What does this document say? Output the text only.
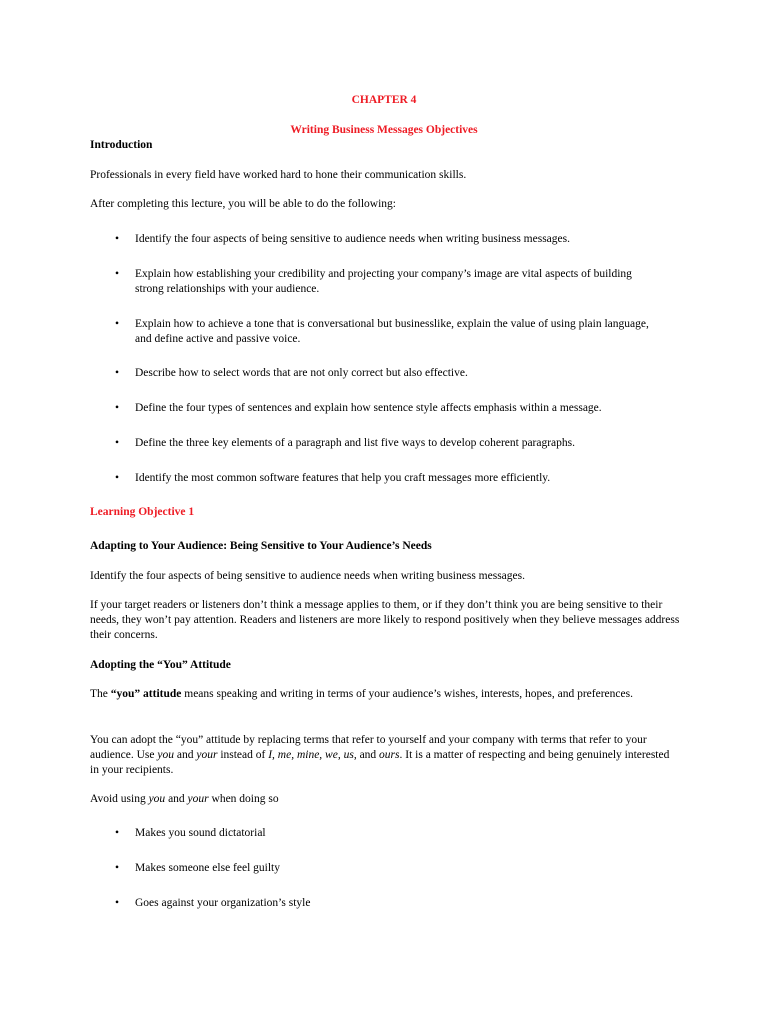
CHAPTER 4
Writing Business Messages Objectives
Introduction
Professionals in every field have worked hard to hone their communication skills.
After completing this lecture, you will be able to do the following:
• Identify the four aspects of being sensitive to audience needs when writing business messages.
• Explain how establishing your credibility and projecting your company’s image are vital aspects of building strong relationships with your audience.
• Explain how to achieve a tone that is conversational but businesslike, explain the value of using plain language, and define active and passive voice.
• Describe how to select words that are not only correct but also effective.
• Define the four types of sentences and explain how sentence style affects emphasis within a message.
• Define the three key elements of a paragraph and list five ways to develop coherent paragraphs.
• Identify the most common software features that help you craft messages more efficiently.
Learning Objective 1
Adapting to Your Audience: Being Sensitive to Your Audience’s Needs
Identify the four aspects of being sensitive to audience needs when writing business messages.
If your target readers or listeners don’t think a message applies to them, or if they don’t think you are being sensitive to their needs, they won’t pay attention. Readers and listeners are more likely to respond positively when they believe messages address their concerns.
Adopting the “You” Attitude
The “you” attitude means speaking and writing in terms of your audience’s wishes, interests, hopes, and preferences.
You can adopt the “you” attitude by replacing terms that refer to yourself and your company with terms that refer to your audience. Use you and your instead of I, me, mine, we, us, and ours. It is a matter of respecting and being genuinely interested in your recipients.
Avoid using you and your when doing so
• Makes you sound dictatorial
• Makes someone else feel guilty
• Goes against your organization’s style
